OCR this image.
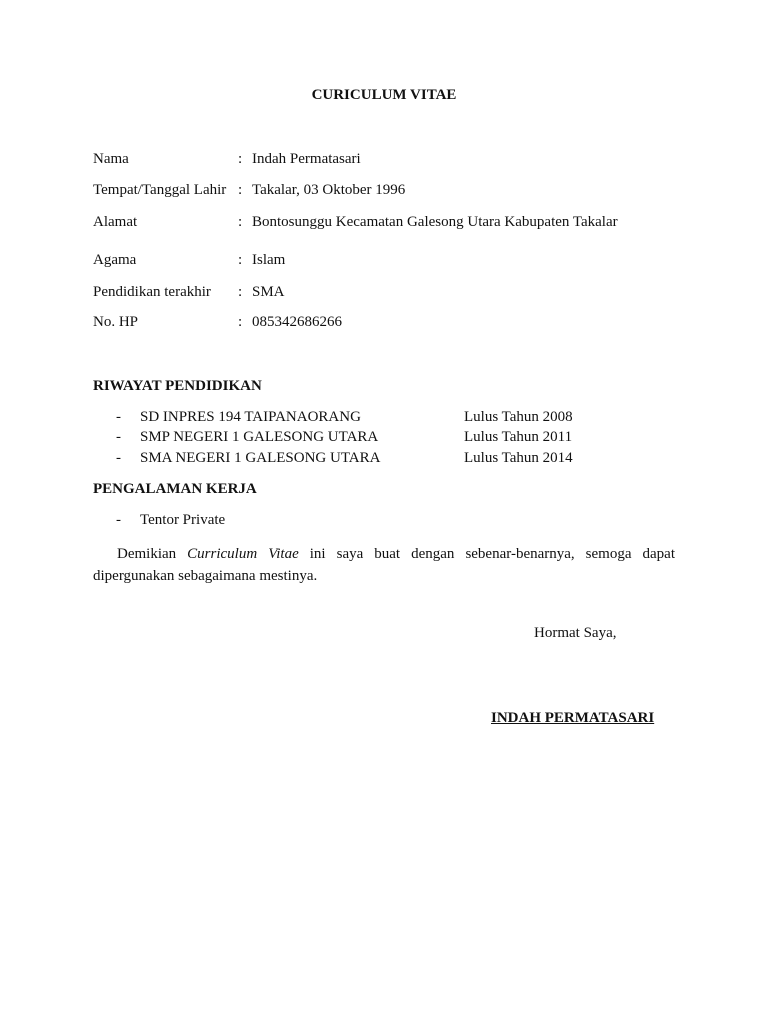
CURICULUM VITAE
Nama	: Indah Permatasari
Tempat/Tanggal Lahir : Takalar, 03 Oktober 1996
Alamat	: Bontosunggu Kecamatan Galesong Utara Kabupaten Takalar
Agama	: Islam
Pendidikan terakhir : SMA
No. HP	: 085342686266
RIWAYAT PENDIDIKAN
- SD INPRES 194 TAIPANAORANG	Lulus Tahun 2008
- SMP NEGERI 1 GALESONG UTARA	Lulus Tahun 2011
- SMA NEGERI 1 GALESONG UTARA	Lulus Tahun 2014
PENGALAMAN KERJA
- Tentor Private
Demikian Curriculum Vitae ini saya buat dengan sebenar-benarnya, semoga dapat dipergunakan sebagaimana mestinya.
Hormat Saya,
INDAH PERMATASARI
